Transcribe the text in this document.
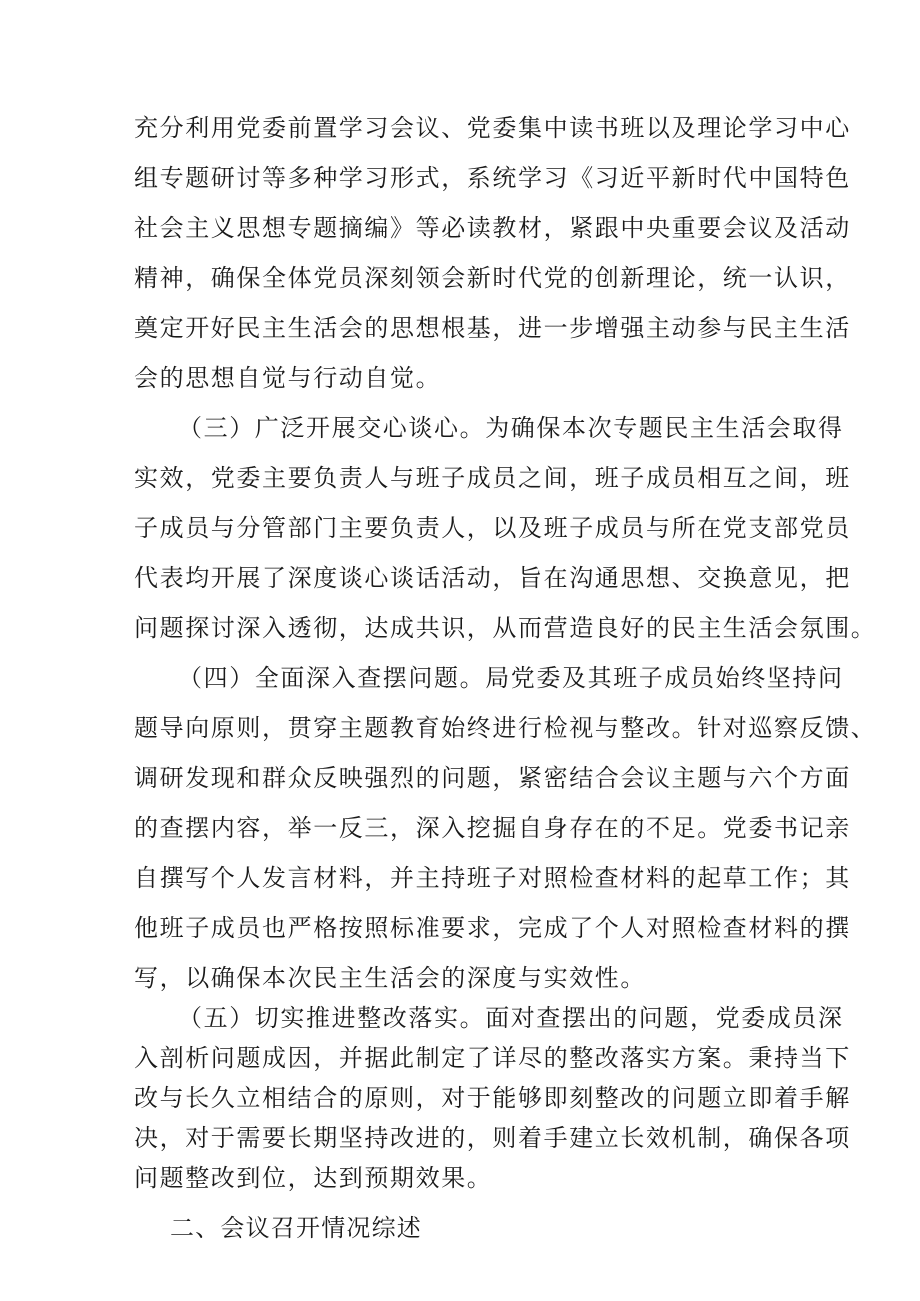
充分利用党委前置学习会议、党委集中读书班以及理论学习中心
组专题研讨等多种学习形式，系统学习《习近平新时代中国特色
社会主义思想专题摘编》等必读教材，紧跟中央重要会议及活动
精神，确保全体党员深刻领会新时代党的创新理论，统一认识，
奠定开好民主生活会的思想根基，进一步增强主动参与民主生活
会的思想自觉与行动自觉。
（三）广泛开展交心谈心。为确保本次专题民主生活会取得
实效，党委主要负责人与班子成员之间，班子成员相互之间，班
子成员与分管部门主要负责人，以及班子成员与所在党支部党员
代表均开展了深度谈心谈话活动，旨在沟通思想、交换意见，把
问题探讨深入透彻，达成共识，从而营造良好的民主生活会氛围。
（四）全面深入查摆问题。局党委及其班子成员始终坚持问
题导向原则，贯穿主题教育始终进行检视与整改。针对巡察反馈、
调研发现和群众反映强烈的问题，紧密结合会议主题与六个方面
的查摆内容，举一反三，深入挖掘自身存在的不足。党委书记亲
自撰写个人发言材料，并主持班子对照检查材料的起草工作；其
他班子成员也严格按照标准要求，完成了个人对照检查材料的撰
写，以确保本次民主生活会的深度与实效性。
（五）切实推进整改落实。面对查摆出的问题，党委成员深
入剖析问题成因，并据此制定了详尽的整改落实方案。秉持当下
改与长久立相结合的原则，对于能够即刻整改的问题立即着手解
决，对于需要长期坚持改进的，则着手建立长效机制，确保各项
问题整改到位，达到预期效果。
二、会议召开情况综述
